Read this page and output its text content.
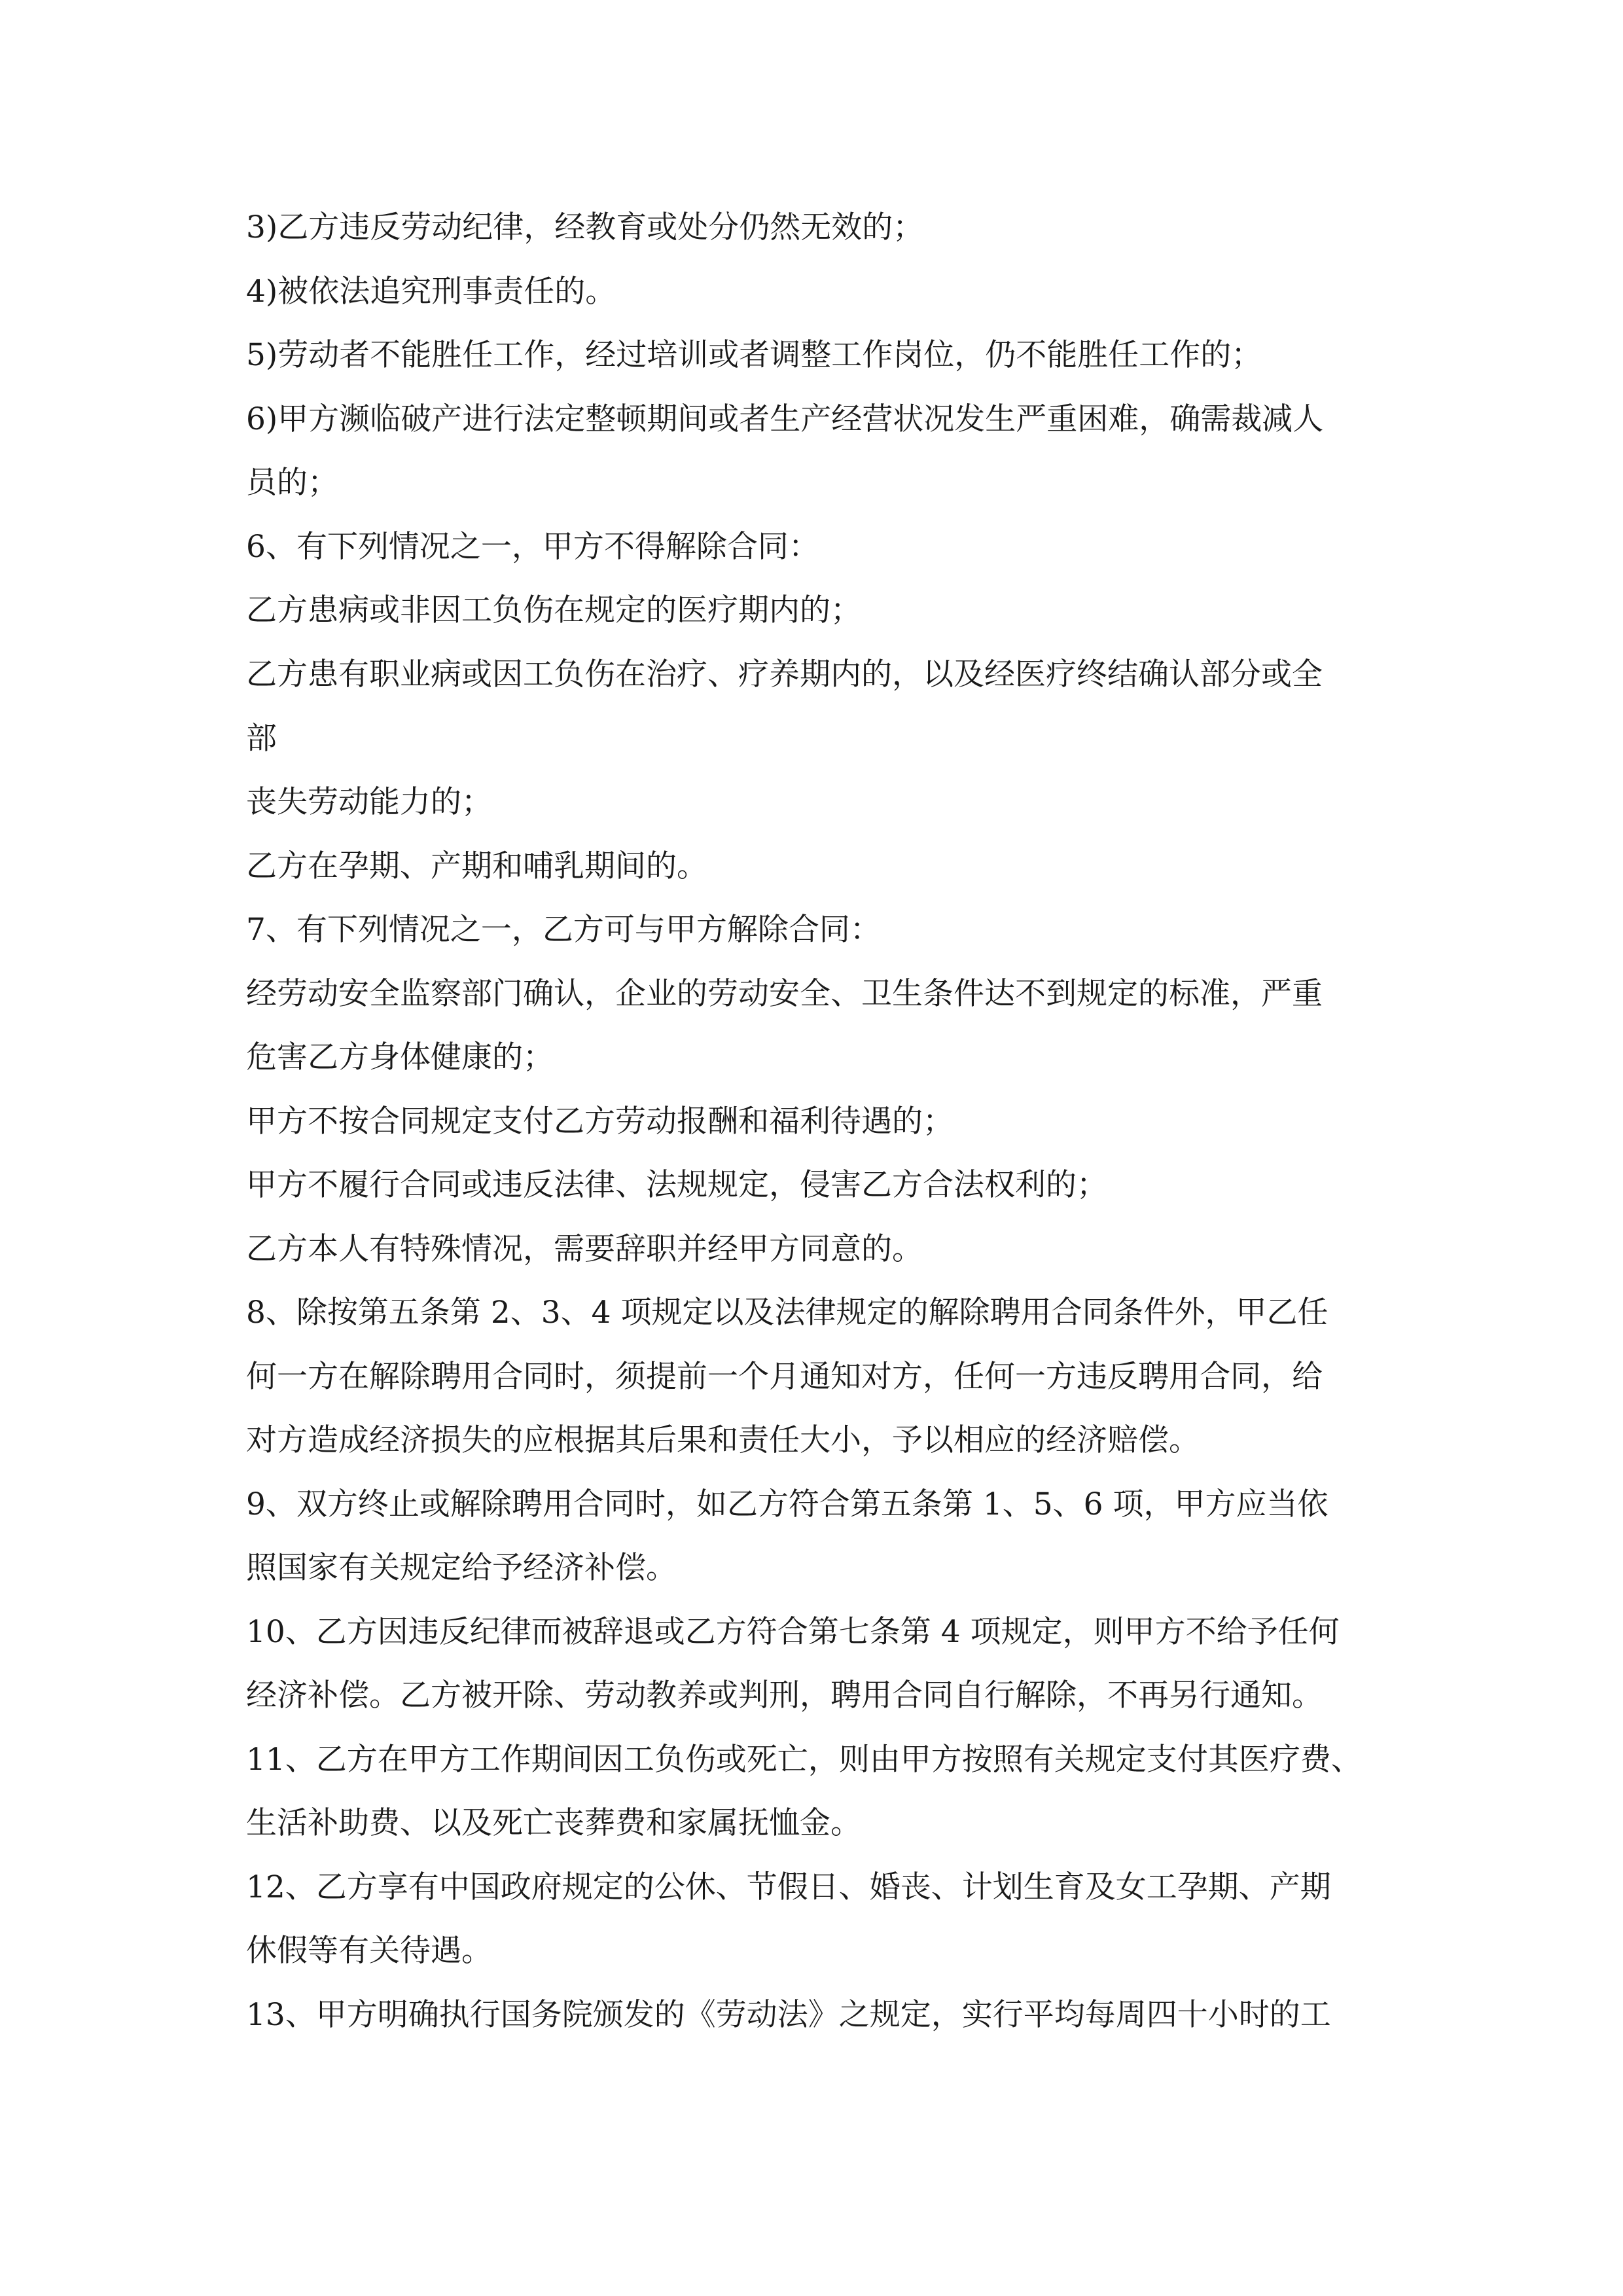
3)乙方违反劳动纪律，经教育或处分仍然无效的；

4)被依法追究刑事责任的。

5)劳动者不能胜任工作，经过培训或者调整工作岗位，仍不能胜任工作的；

6)甲方濒临破产进行法定整顿期间或者生产经营状况发生严重困难，确需裁减人

员的；

6、有下列情况之一，甲方不得解除合同：

乙方患病或非因工负伤在规定的医疗期内的；

乙方患有职业病或因工负伤在治疗、疗养期内的，以及经医疗终结确认部分或全

部

丧失劳动能力的；

乙方在孕期、产期和哺乳期间的。

7、有下列情况之一，乙方可与甲方解除合同：

经劳动安全监察部门确认，企业的劳动安全、卫生条件达不到规定的标准，严重

危害乙方身体健康的；

甲方不按合同规定支付乙方劳动报酬和福利待遇的；

甲方不履行合同或违反法律、法规规定，侵害乙方合法权利的；

乙方本人有特殊情况，需要辞职并经甲方同意的。

8、除按第五条第 2、3、4 项规定以及法律规定的解除聘用合同条件外，甲乙任

何一方在解除聘用合同时，须提前一个月通知对方，任何一方违反聘用合同，给

对方造成经济损失的应根据其后果和责任大小，予以相应的经济赔偿。

9、双方终止或解除聘用合同时，如乙方符合第五条第 1、5、6 项，甲方应当依

照国家有关规定给予经济补偿。

10、乙方因违反纪律而被辞退或乙方符合第七条第 4 项规定，则甲方不给予任何

经济补偿。乙方被开除、劳动教养或判刑，聘用合同自行解除，不再另行通知。

11、乙方在甲方工作期间因工负伤或死亡，则由甲方按照有关规定支付其医疗费、

生活补助费、以及死亡丧葬费和家属抚恤金。

12、乙方享有中国政府规定的公休、节假日、婚丧、计划生育及女工孕期、产期

休假等有关待遇。

13、甲方明确执行国务院颁发的《劳动法》之规定，实行平均每周四十小时的工
